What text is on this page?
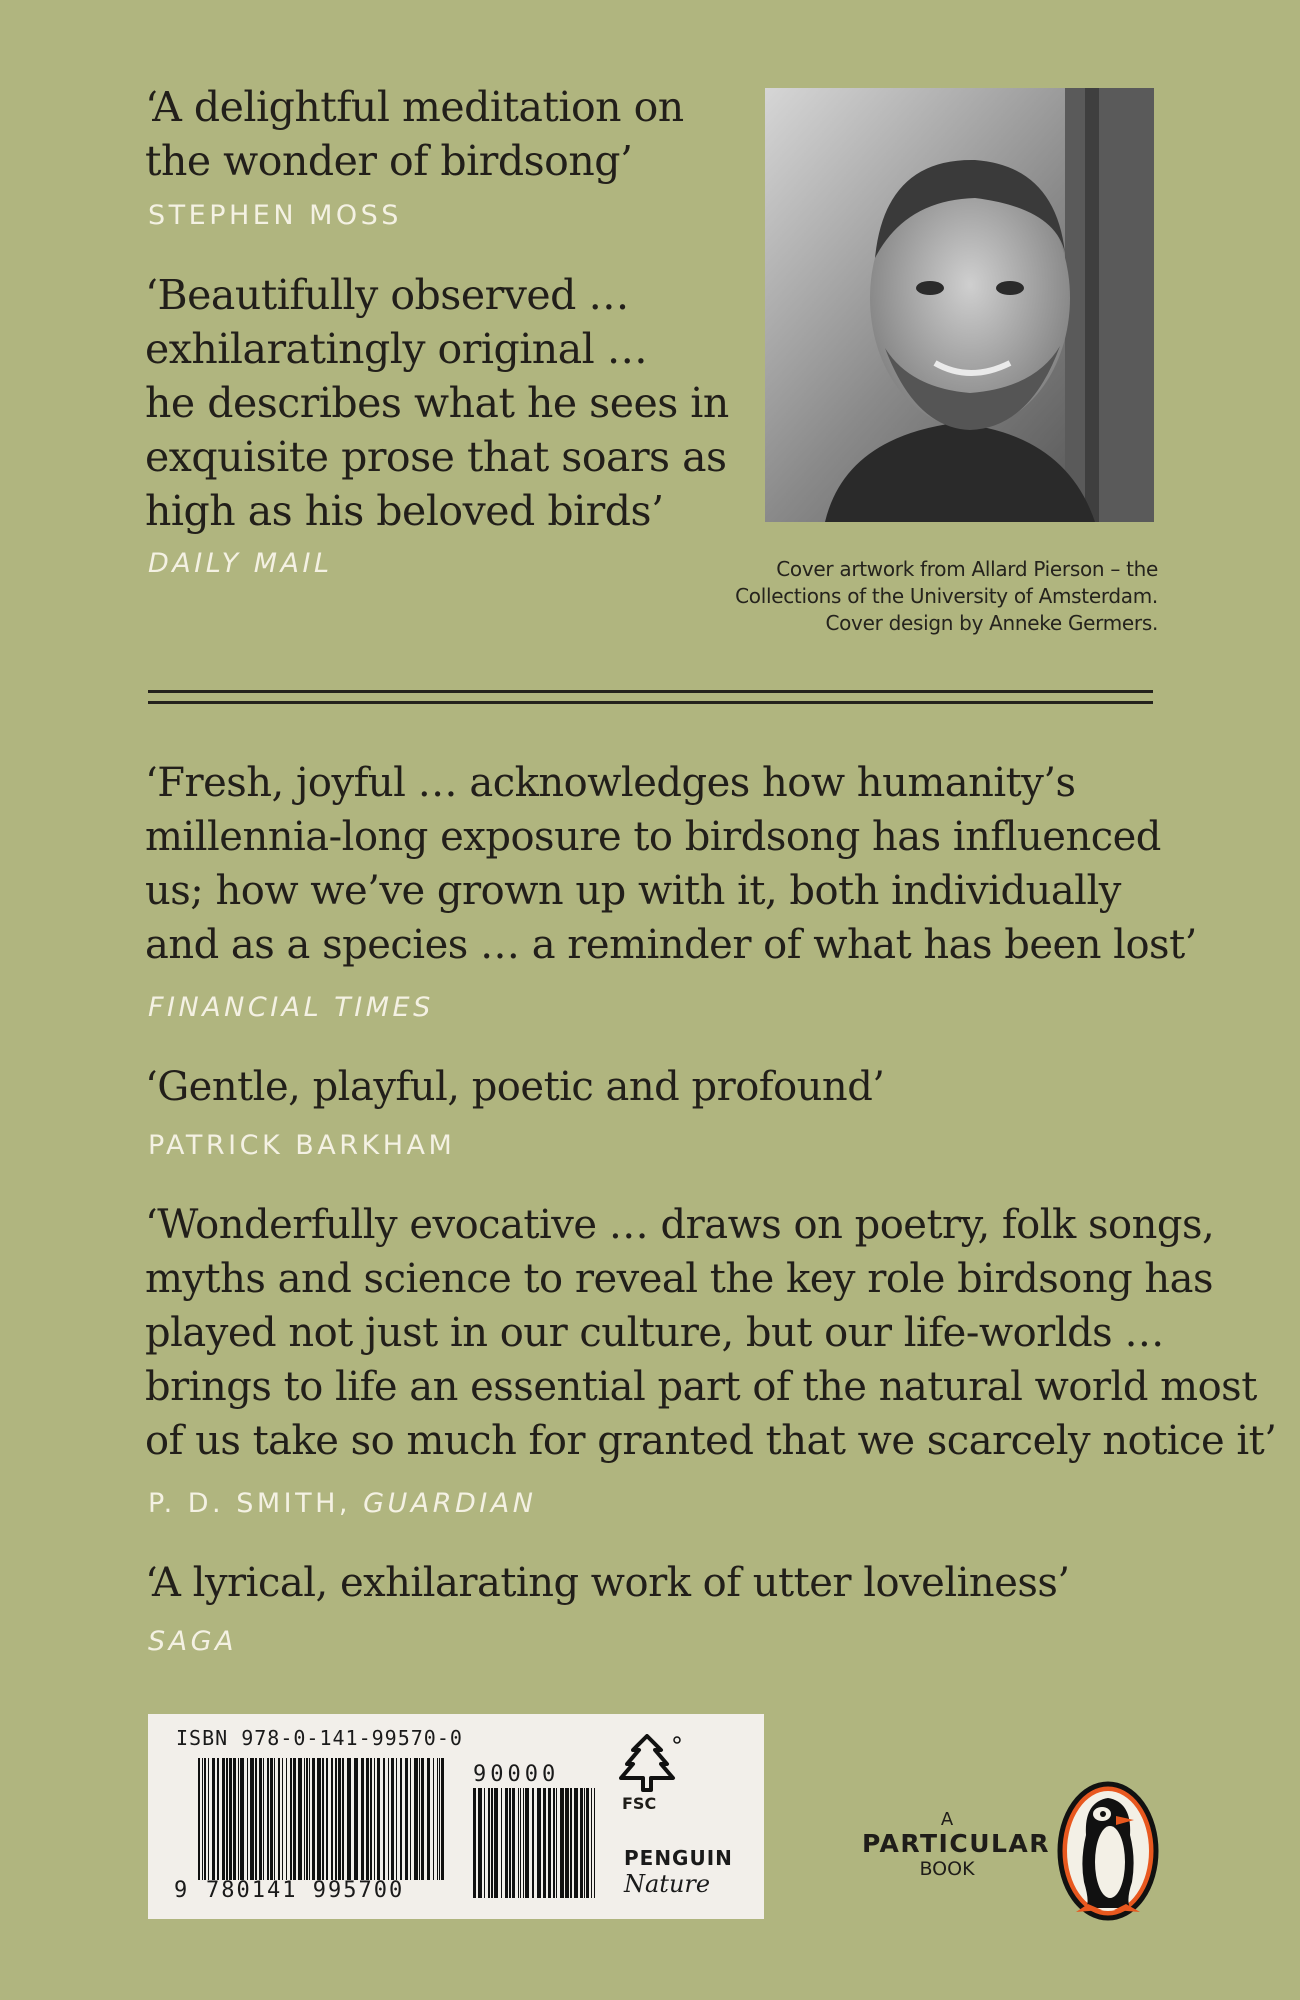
‘A delightful meditation on
the wonder of birdsong’
STEPHEN MOSS
‘Beautifully observed …
exhilaratingly original …
he describes what he sees in
exquisite prose that soars as
high as his beloved birds’
DAILY MAIL	Cover artwork from Allard Pierson – the
Collections of the University of Amsterdam.
Cover design by Anneke Germers.
‘Fresh, joyful … acknowledges how humanity’s
millennia-long exposure to birdsong has influenced
us; how we’ve grown up with it, both individually
and as a species … a reminder of what has been lost’
FINANCIAL TIMES
‘Gentle, playful, poetic and profound’
PATRICK BARKHAM
‘Wonderfully evocative … draws on poetry, folk songs,
myths and science to reveal the key role birdsong has
played not just in our culture, but our life-worlds …
brings to life an essential part of the natural world most
of us take so much for granted that we scarcely notice it’
P. D. SMITH, GUARDIAN
‘A lyrical, exhilarating work of utter loveliness’
SAGA
ISBN 978-0-141-99570-0
9 780141 995700
90000
FSC
PENGUIN
Nature
A
PARTICULAR
BOOK
